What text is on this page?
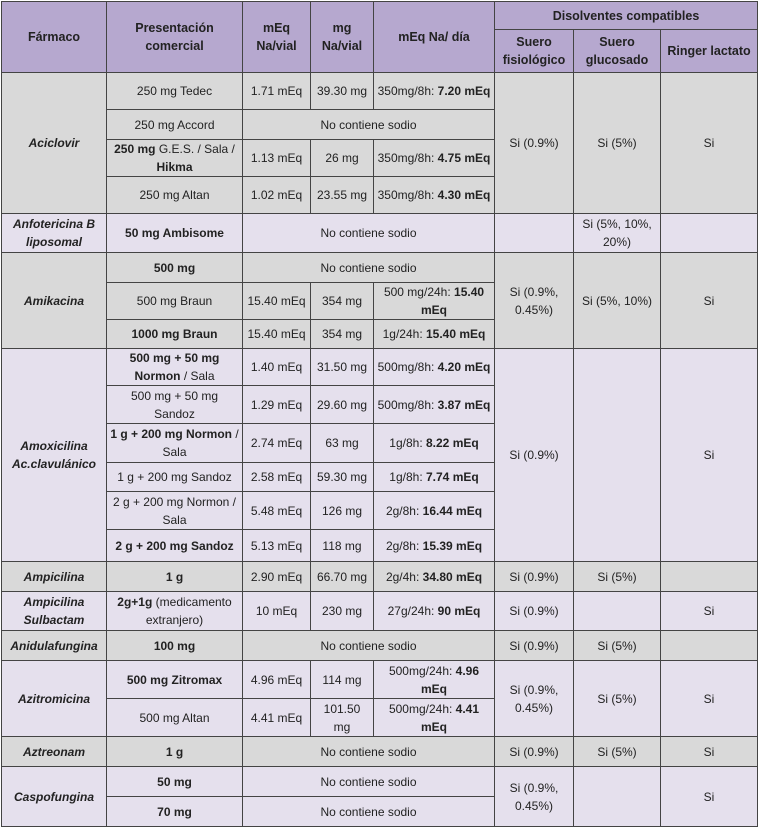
Fármaco	Presentación comercial	mEq Na/vial	mg Na/vial	mEq Na/ día	Disolventes compatibles		
					Suero fisiológico	Suero glucosado	Ringer lactato
Aciclovir	250 mg Tedec	1.71 mEq	39.30 mg	350mg/8h: 7.20 mEq	Si (0.9%)	Si (5%)	Si
	250 mg Accord	No contiene sodio					
	250 mg G.E.S. / Sala / Hikma	1.13 mEq	26 mg	350mg/8h: 4.75 mEq			
	250 mg Altan	1.02 mEq	23.55 mg	350mg/8h: 4.30 mEq			
Anfotericina B liposomal	50 mg Ambisome	No contiene sodio				Si (5%, 10%, 20%)	
Amikacina	500 mg	No contiene sodio			Si (0.9%, 0.45%)	Si (5%, 10%)	Si
	500 mg Braun	15.40 mEq	354 mg	500 mg/24h: 15.40 mEq			
	1000 mg Braun	15.40 mEq	354 mg	1g/24h: 15.40 mEq			
Amoxicilina Ac.clavulánico	500 mg + 50 mg Normon / Sala	1.40 mEq	31.50 mg	500mg/8h: 4.20 mEq	Si (0.9%)		Si
	500 mg + 50 mg Sandoz	1.29 mEq	29.60 mg	500mg/8h: 3.87 mEq			
	1 g + 200 mg Normon / Sala	2.74 mEq	63 mg	1g/8h: 8.22 mEq			
	1 g + 200 mg Sandoz	2.58 mEq	59.30 mg	1g/8h: 7.74 mEq			
	2 g + 200 mg Normon / Sala	5.48 mEq	126 mg	2g/8h: 16.44 mEq			
	2 g + 200 mg Sandoz	5.13 mEq	118 mg	2g/8h: 15.39 mEq			
Ampicilina	1 g	2.90 mEq	66.70 mg	2g/4h: 34.80 mEq	Si (0.9%)	Si (5%)	
Ampicilina Sulbactam	2g+1g (medicamento extranjero)	10 mEq	230 mg	27g/24h: 90 mEq	Si (0.9%)		Si
Anidulafungina	100 mg	No contiene sodio			Si (0.9%)	Si (5%)	
Azitromicina	500 mg Zitromax	4.96 mEq	114 mg	500mg/24h: 4.96 mEq	Si (0.9%, 0.45%)	Si (5%)	Si
	500 mg Altan	4.41 mEq	101.50 mg	500mg/24h: 4.41 mEq			
Aztreonam	1 g	No contiene sodio			Si (0.9%)	Si (5%)	Si
Caspofungina	50 mg	No contiene sodio			Si (0.9%, 0.45%)		Si
	70 mg	No contiene sodio					
